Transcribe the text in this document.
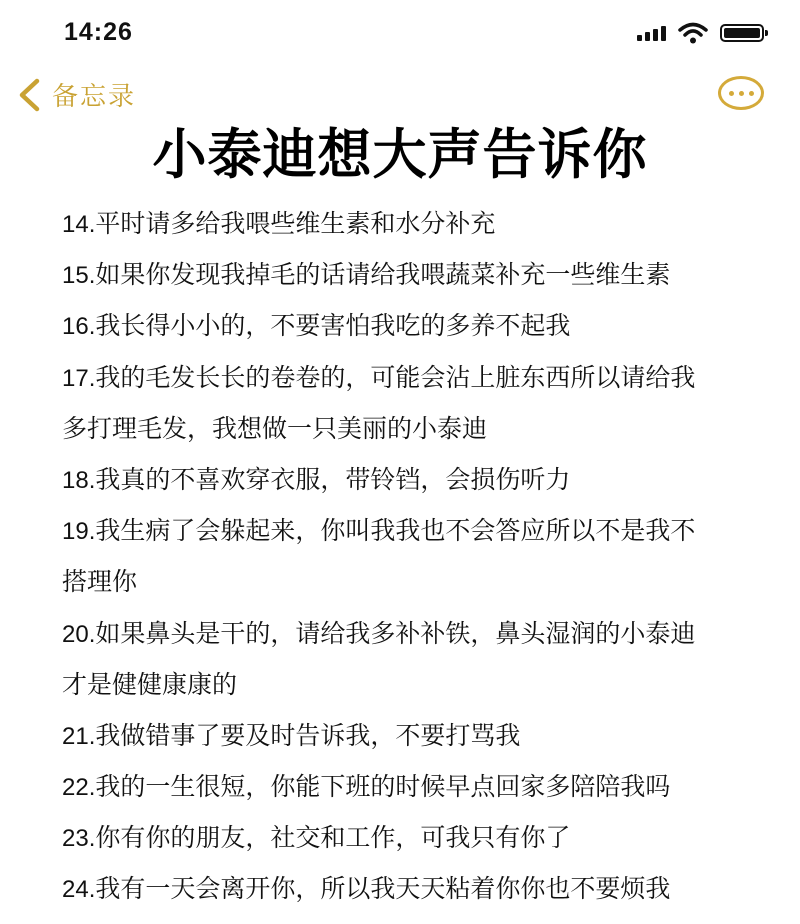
14:26
备忘录
小泰迪想大声告诉你
14.平时请多给我喂些维生素和水分补充
15.如果你发现我掉毛的话请给我喂蔬菜补充一些维生素
16.我长得小小的，不要害怕我吃的多养不起我
17.我的毛发长长的卷卷的，可能会沾上脏东西所以请给我
多打理毛发，我想做一只美丽的小泰迪
18.我真的不喜欢穿衣服，带铃铛，会损伤听力
19.我生病了会躲起来，你叫我我也不会答应所以不是我不
搭理你
20.如果鼻头是干的，请给我多补补铁，鼻头湿润的小泰迪
才是健健康康的
21.我做错事了要及时告诉我，不要打骂我
22.我的一生很短，你能下班的时候早点回家多陪陪我吗
23.你有你的朋友，社交和工作，可我只有你了
24.我有一天会离开你，所以我天天粘着你你也不要烦我
